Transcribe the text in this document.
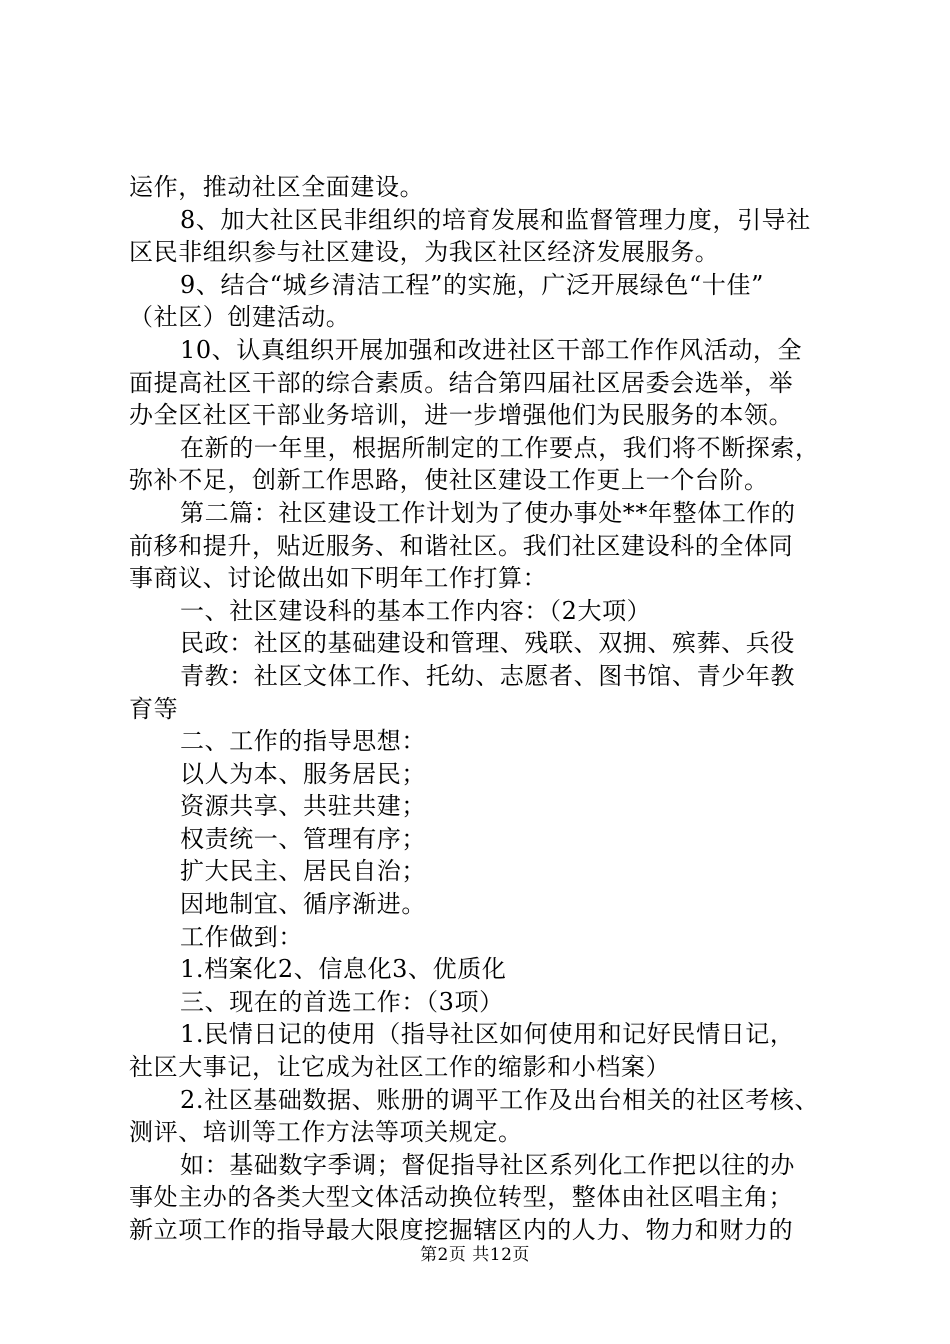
运作，推动社区全面建设。
8、加大社区民非组织的培育发展和监督管理力度，引导社
区民非组织参与社区建设，为我区社区经济发展服务。
9、结合“城乡清洁工程”的实施，广泛开展绿色“十佳”
（社区）创建活动。
10、认真组织开展加强和改进社区干部工作作风活动，全
面提高社区干部的综合素质。结合第四届社区居委会选举，举
办全区社区干部业务培训，进一步增强他们为民服务的本领。
在新的一年里，根据所制定的工作要点，我们将不断探索，
弥补不足，创新工作思路，使社区建设工作更上一个台阶。
第二篇：社区建设工作计划为了使办事处**年整体工作的
前移和提升，贴近服务、和谐社区。我们社区建设科的全体同
事商议、讨论做出如下明年工作打算：
一、社区建设科的基本工作内容：（2大项）
民政：社区的基础建设和管理、残联、双拥、殡葬、兵役
青教：社区文体工作、托幼、志愿者、图书馆、青少年教
育等
二、工作的指导思想：
以人为本、服务居民；
资源共享、共驻共建；
权责统一、管理有序；
扩大民主、居民自治；
因地制宜、循序渐进。
工作做到：
1.档案化2、信息化3、优质化
三、现在的首选工作：（3项）
1.民情日记的使用（指导社区如何使用和记好民情日记，
社区大事记，让它成为社区工作的缩影和小档案）
2.社区基础数据、账册的调平工作及出台相关的社区考核、
测评、培训等工作方法等项关规定。
如：基础数字季调；督促指导社区系列化工作把以往的办
事处主办的各类大型文体活动换位转型，整体由社区唱主角；
新立项工作的指导最大限度挖掘辖区内的人力、物力和财力的
第2页 共12页
